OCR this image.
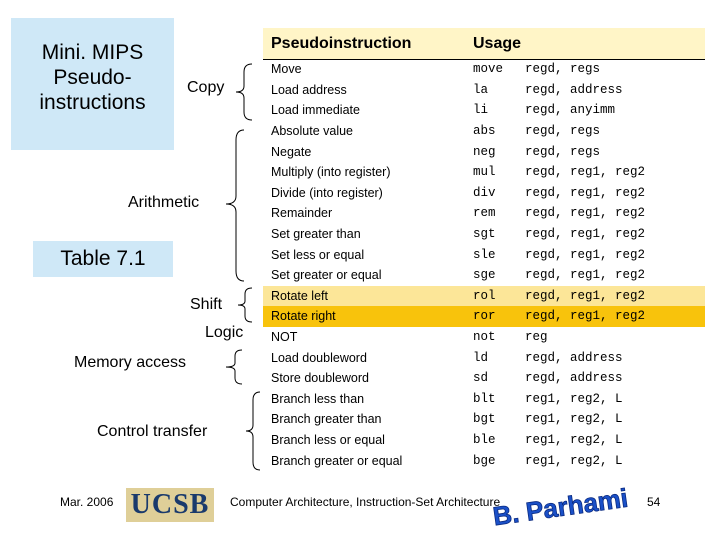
Mini. MIPS
Pseudo-
instructions
Copy
Arithmetic
Shift
Logic
Memory access
Control transfer
Table 7.1
Pseudoinstruction	Usage	
Move	move	regd, regs
Load address	la	regd, address
Load immediate	li	regd, anyimm
Absolute value	abs	regd, regs
Negate	neg	regd, regs
Multiply (into register)	mul	regd, reg1, reg2
Divide (into register)	div	regd, reg1, reg2
Remainder	rem	regd, reg1, reg2
Set greater than	sgt	regd, reg1, reg2
Set less or equal	sle	regd, reg1, reg2
Set greater or equal	sge	regd, reg1, reg2
Rotate left	rol	regd, reg1, reg2
Rotate right	ror	regd, reg1, reg2
NOT	not	reg
Load doubleword	ld	regd, address
Store doubleword	sd	regd, address
Branch less than	blt	reg1, reg2, L
Branch greater than	bgt	reg1, reg2, L
Branch less or equal	ble	reg1, reg2, L
Branch greater or equal	bge	reg1, reg2, L
Mar. 2006 UCSB	Computer Architecture, Instruction-Set Architecture
B. Parhami 54
